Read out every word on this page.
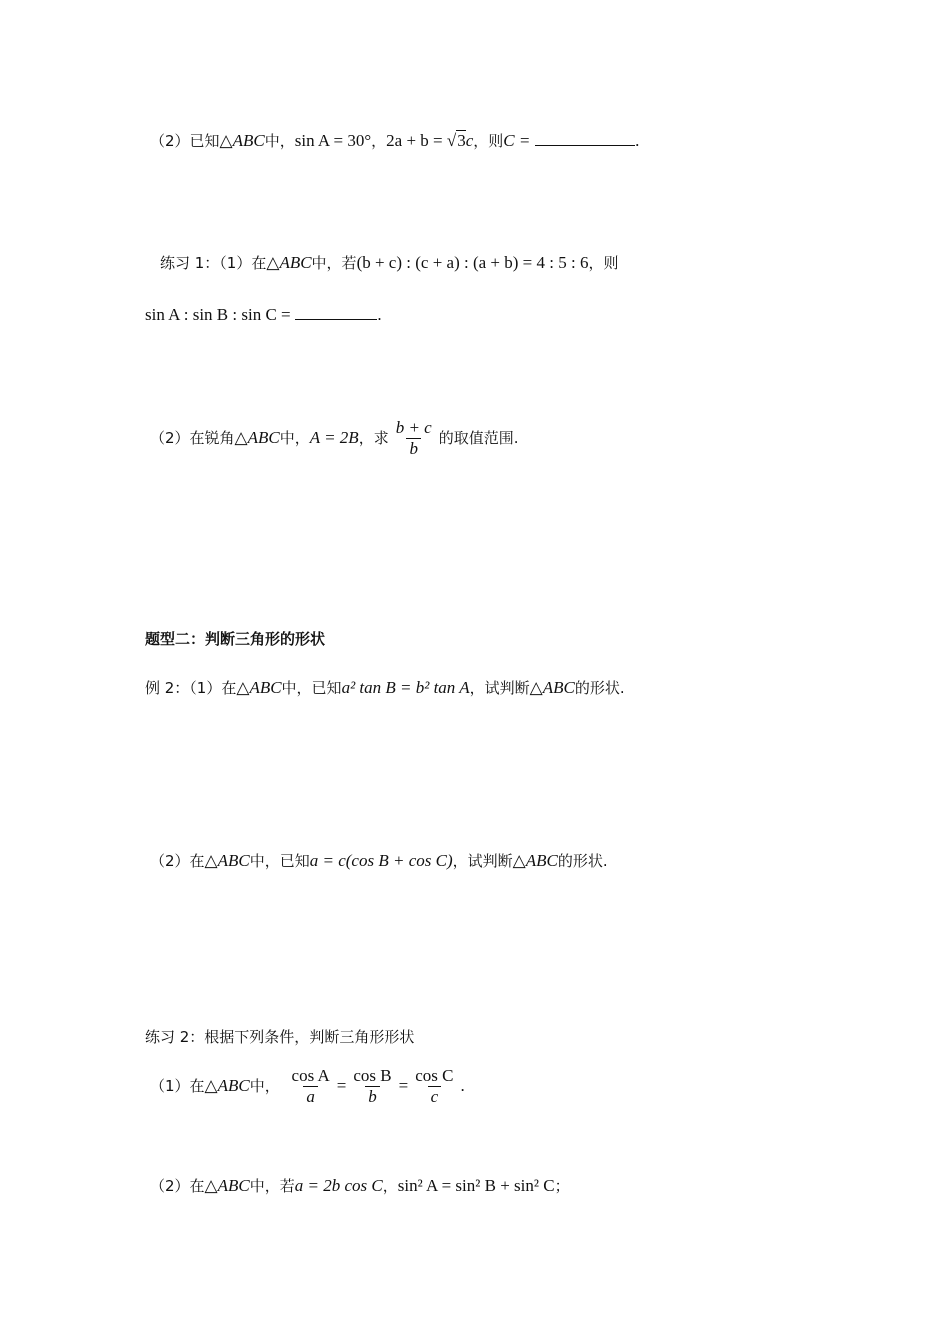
（2）已知△ABC中，sin A = 30°，2a + b = √3c，则C =	.
练习 1：（1）在△ABC中，若(b + c) : (c + a) : (a + b) = 4 : 5 : 6，则
sin A : sin B : sin C =	.
（2）在锐角△ABC中，A = 2B，求 $\frac{b + c}{b}$ 的取值范围.
题型二：判断三角形的形状
例 2：（1）在△ABC中，已知a² tan B = b² tan A，试判断△ABC的形状.
（2）在△ABC中，已知a = c(cos B + cos C)，试判断△ABC的形状.
练习 2：根据下列条件，判断三角形形状
（1）在△ABC中， $\frac{\text{cos A}}{a} = \frac{\text{cos B}}{b} = \frac{\text{cos C}}{c}$ .
（2）在△ABC中，若a = 2b cos C，sin² A = sin² B + sin² C；
